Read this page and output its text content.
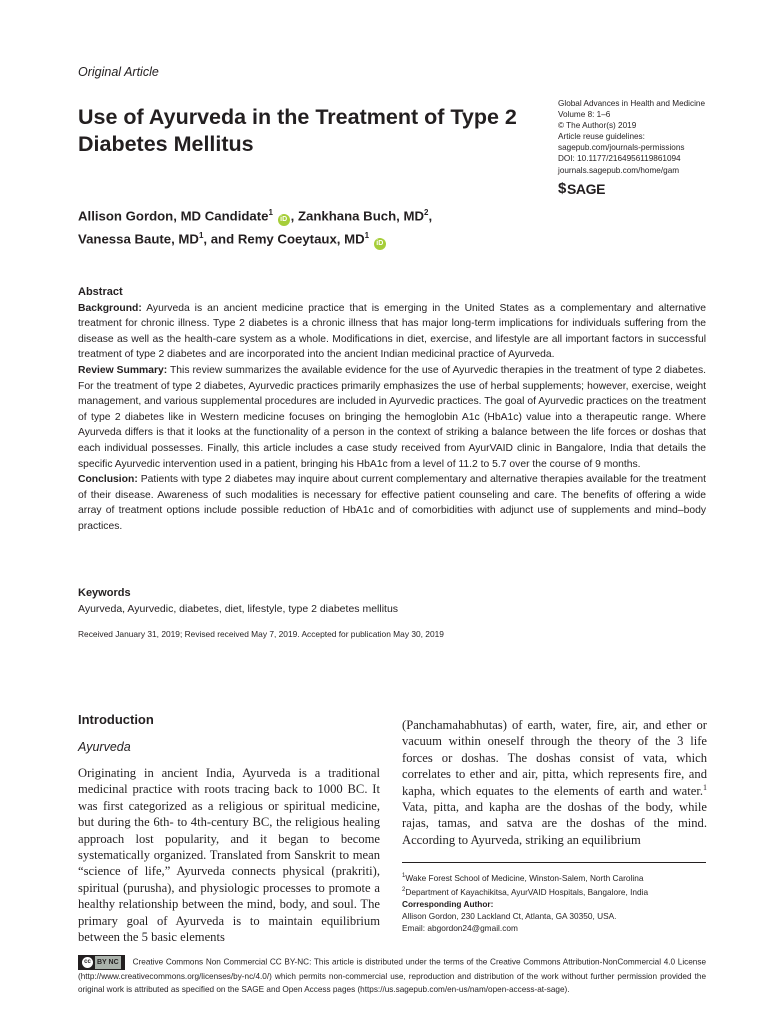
Original Article
Use of Ayurveda in the Treatment of Type 2 Diabetes Mellitus
Global Advances in Health and Medicine
Volume 8: 1–6
© The Author(s) 2019
Article reuse guidelines:
sagepub.com/journals-permissions
DOI: 10.1177/2164956119861094
journals.sagepub.com/home/gam
$ SAGE
Allison Gordon, MD Candidate$^1$ iD , Zankhana Buch, $MD^2$,
Vanessa Baute, $MD^1$, and Remy Coeytaux, $MD^1$ iD

Abstract

Background: Ayurveda is an ancient medicine practice that is emerging in the United States as a complementary and alternative treatment for chronic illness. Type 2 diabetes is a chronic illness that has major long-term implications for individuals suffering from the disease as well as the health-care system as a whole. Modifications in diet, exercise, and lifestyle are all important factors in successful treatment of type 2 diabetes and are incorporated into the ancient Indian medicinal practice of Ayurveda.

Review Summary: This review summarizes the available evidence for the use of Ayurvedic therapies in the treatment of type 2 diabetes. For the treatment of type 2 diabetes, Ayurvedic practices primarily emphasizes the use of herbal supplements; however, exercise, weight management, and various supplemental procedures are included in Ayurvedic practices. The goal of Ayurvedic practices on the treatment of type 2 diabetes like in Western medicine focuses on bringing the hemoglobin A1c (HbA1c) value into a therapeutic range. Where Ayurveda differs is that it looks at the functionality of a person in the context of striking a balance between the life forces or doshas that each individual possesses. Finally, this article includes a case study received from AyurVAID clinic in Bangalore, India that details the specific Ayurvedic intervention used in a patient, bringing his HbA1c from a level of 11.2 to 5.7 over the course of 9 months.

Conclusion: Patients with type 2 diabetes may inquire about current complementary and alternative therapies available for the treatment of their disease. Awareness of such modalities is necessary for effective patient counseling and care. The benefits of offering a wide array of treatment options include possible reduction of HbA1c and of comorbidities with adjunct use of supplements and mind–body practices.

Keywords
Ayurveda, Ayurvedic, diabetes, diet, lifestyle, type 2 diabetes mellitus
Received January 31, 2019; Revised received May 7, 2019. Accepted for publication May 30, 2019
Introduction
Ayurveda

Originating in ancient India, Ayurveda is a traditional medicinal practice with roots tracing back to 1000 BC. It was first categorized as a religious or spiritual medicine, but during the 6th- to 4th-century BC, the religious healing approach lost popularity, and it began to become systematically organized. Translated from Sanskrit to mean “science of life,” Ayurveda connects physical (prakriti), spiritual (purusha), and physiologic processes to promote a healthy relationship between the mind, body, and soul. The primary goal of Ayurveda is to maintain equilibrium between the 5 basic elements

(Panchamahabhutas) of earth, water, fire, air, and ether or vacuum within oneself through the theory of the 3 life forces or doshas. The doshas consist of vata, which correlates to ether and air, pitta, which represents fire, and kapha, which equates to the elements of earth and water.$^1$ Vata, pitta, and kapha are the doshas of the body, while rajas, tamas, and satva are the doshas of the mind. According to Ayurveda, striking an equilibrium

$^1$Wake Forest School of Medicine, Winston-Salem, North Carolina
$^2$Department of Kayachikitsa, AyurVAID Hospitals, Bangalore, India
Corresponding Author:
Allison Gordon, 230 Lackland Ct, Atlanta, GA 30350, USA.
Email: abgordon24@gmail.com
cc BY NC Creative Commons Non Commercial CC BY-NC: This article is distributed under the terms of the Creative Commons Attribution-NonCommercial 4.0 License (http://www.creativecommons.org/licenses/by-nc/4.0/) which permits non-commercial use, reproduction and distribution of the work without further permission provided the original work is attributed as specified on the SAGE and Open Access pages (https://us.sagepub.com/en-us/nam/open-access-at-sage).
